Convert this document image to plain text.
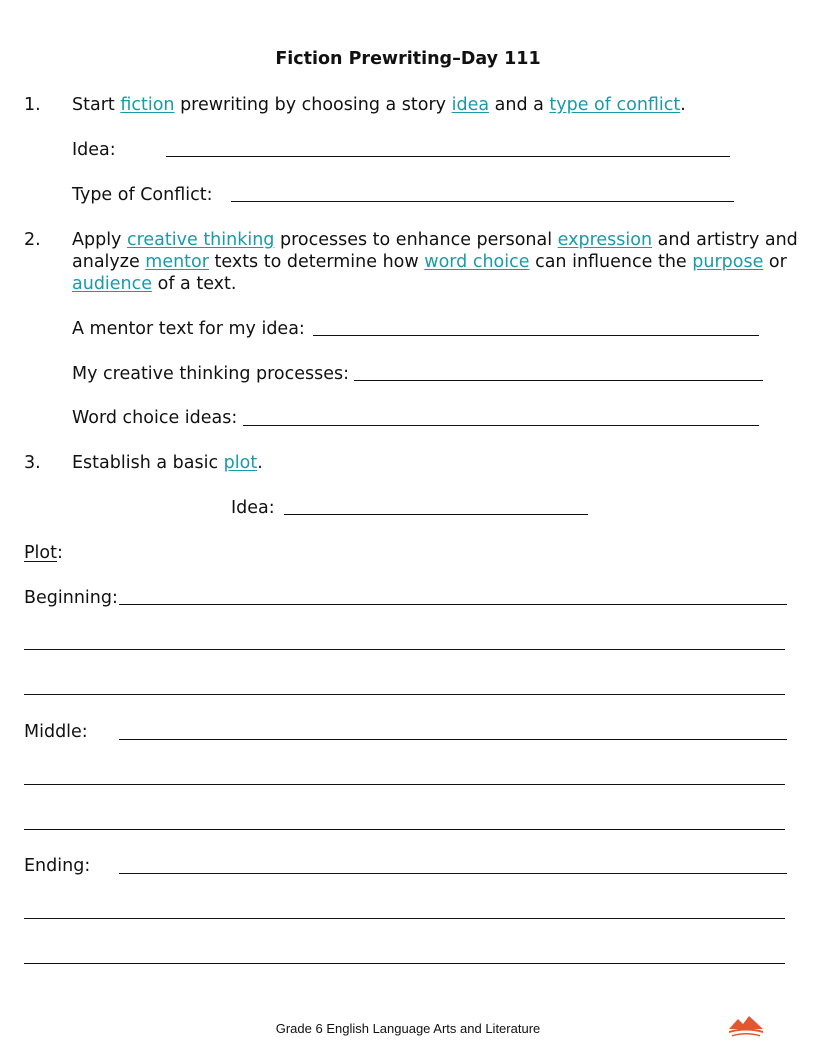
Fiction Prewriting–Day 111
1. Start fiction prewriting by choosing a story idea and a type of conflict.
Idea:
Type of Conflict:
2. Apply creative thinking processes to enhance personal expression and artistry and
analyze mentor texts to determine how word choice can influence the purpose or
audience of a text.
A mentor text for my idea:
My creative thinking processes:
Word choice ideas:
3. Establish a basic plot.
Idea:
Plot:
Beginning:
Middle:
Ending:
Grade 6 English Language Arts and Literature
